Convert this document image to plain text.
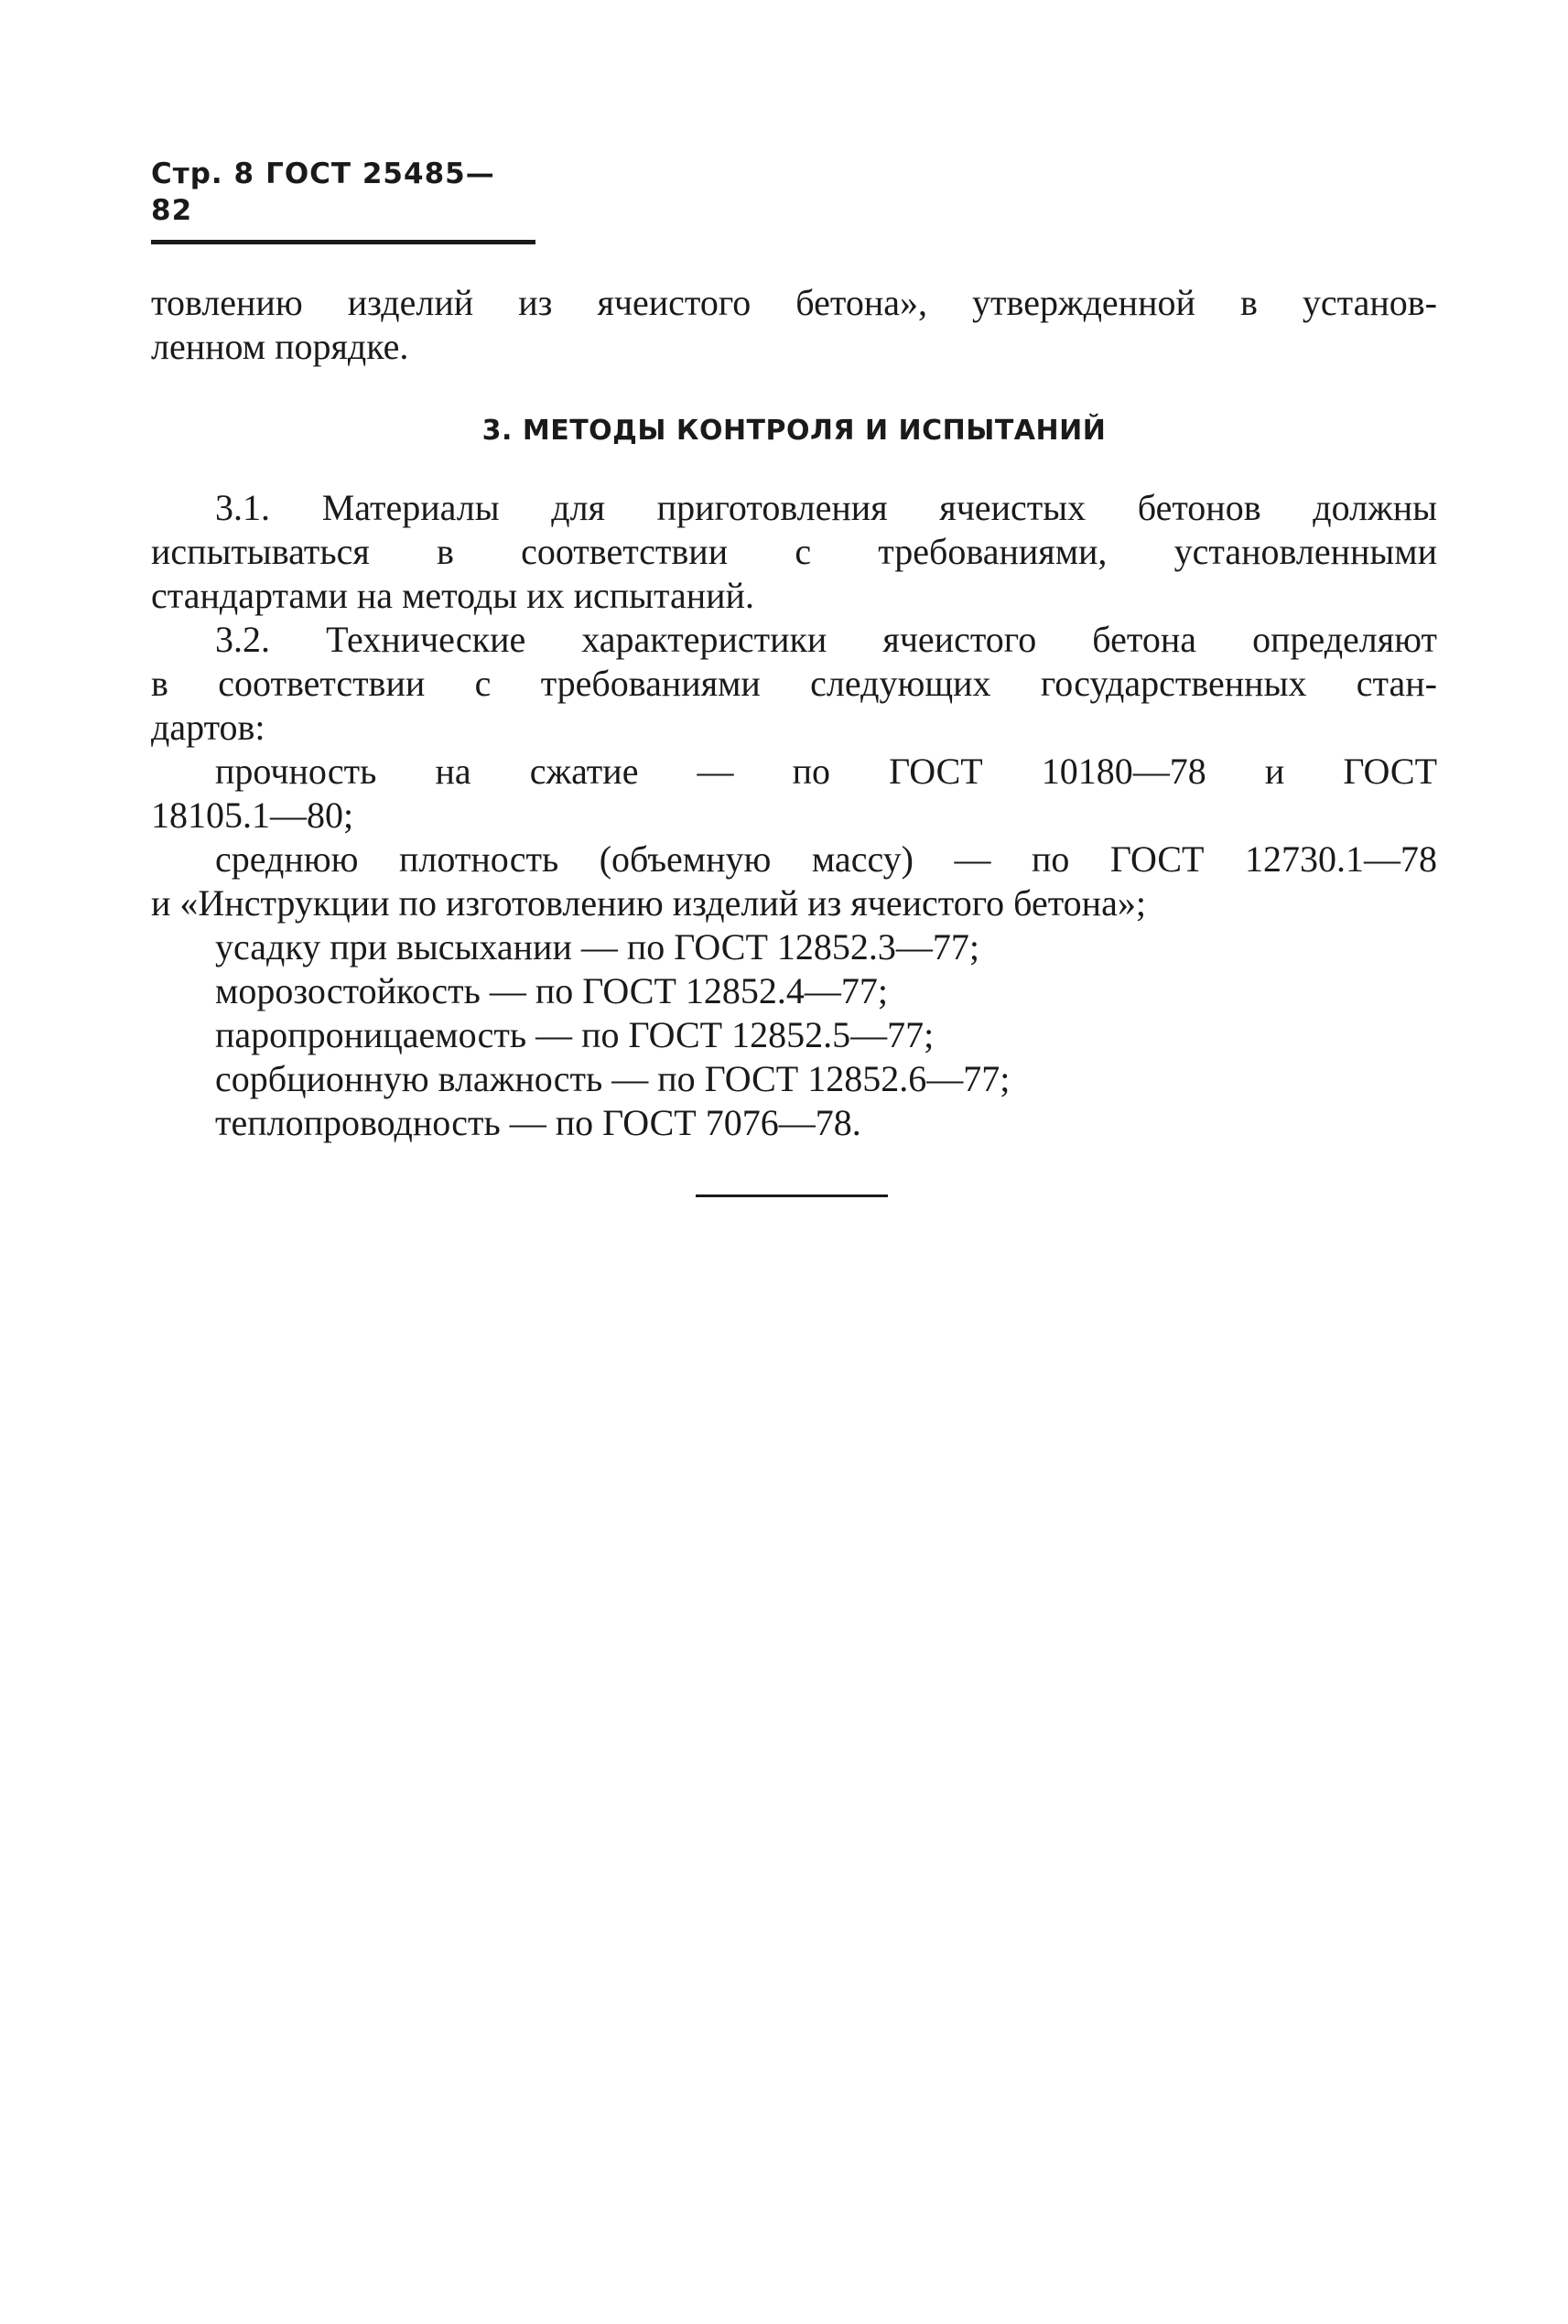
Стр. 8 ГОСТ 25485—82

товлению изделий из ячеистого бетона», утвержденной в установ-

ленном порядке.

3. МЕТОДЫ КОНТРОЛЯ И ИСПЫТАНИЙ

3.1. Материалы для приготовления ячеистых бетонов должны

испытываться в соответствии с требованиями, установленными

стандартами на методы их испытаний.

3.2. Технические характеристики ячеистого бетона определяют

в соответствии с требованиями следующих государственных стан-

дартов:

прочность на сжатие — по ГОСТ 10180—78 и ГОСТ

18105.1—80;

среднюю плотность (объемную массу) — по ГОСТ 12730.1—78

и «Инструкции по изготовлению изделий из ячеистого бетона»;

усадку при высыхании — по ГОСТ 12852.3—77;

морозостойкость — по ГОСТ 12852.4—77;

паропроницаемость — по ГОСТ 12852.5—77;

сорбционную влажность — по ГОСТ 12852.6—77;

теплопроводность — по ГОСТ 7076—78.
